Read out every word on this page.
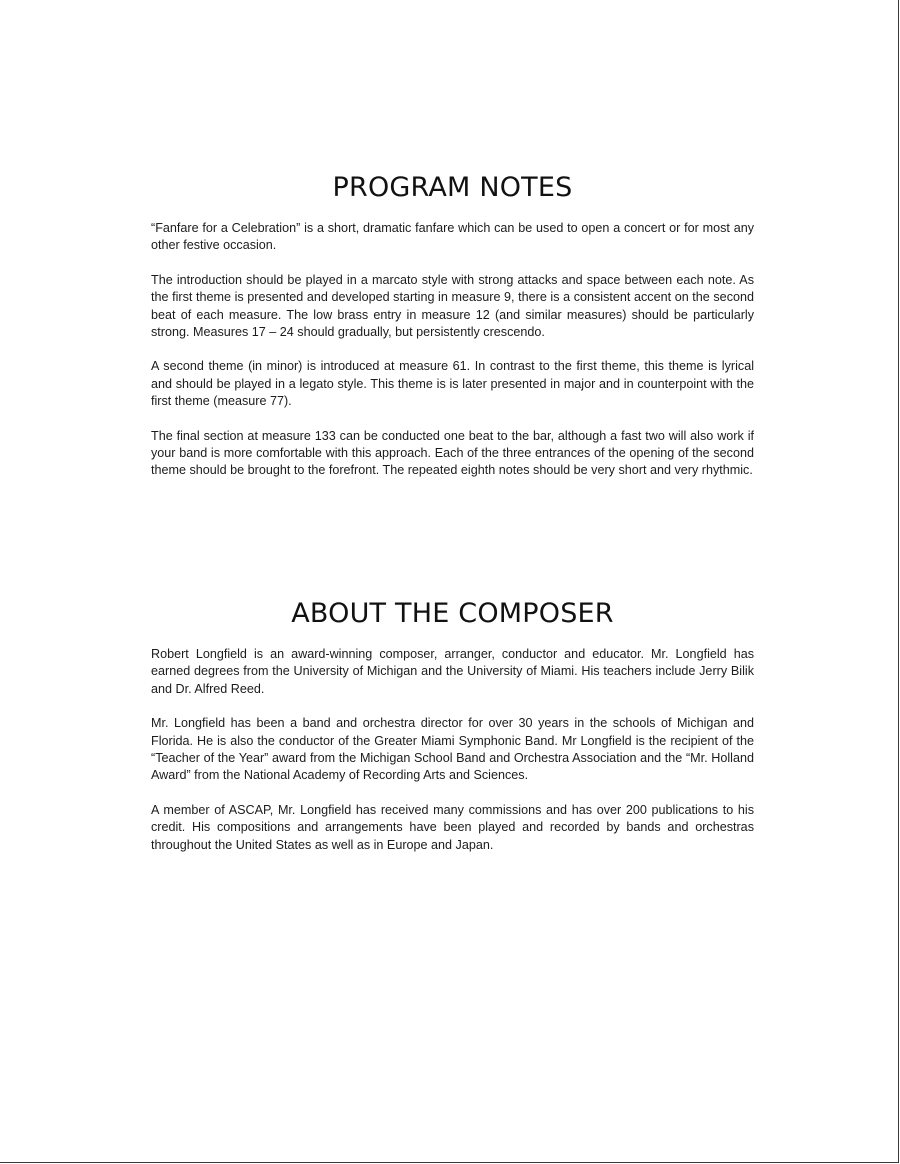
PROGRAM NOTES

“Fanfare for a Celebration” is a short, dramatic fanfare which can be used to open a concert or for most any other festive occasion.

The introduction should be played in a marcato style with strong attacks and space between each note. As the first theme is presented and developed starting in measure 9, there is a consistent accent on the second beat of each measure. The low brass entry in measure 12 (and similar measures) should be particularly strong. Measures 17 – 24 should gradually, but persistently crescendo.

A second theme (in minor) is introduced at measure 61. In contrast to the first theme, this theme is lyrical and should be played in a legato style. This theme is is later presented in major and in counterpoint with the first theme (measure 77).

The final section at measure 133 can be conducted one beat to the bar, although a fast two will also work if your band is more comfortable with this approach. Each of the three entrances of the opening of the second theme should be brought to the forefront. The repeated eighth notes should be very short and very rhythmic.

ABOUT THE COMPOSER

Robert Longfield is an award-winning composer, arranger, conductor and educator. Mr. Longfield has earned degrees from the University of Michigan and the University of Miami. His teachers include Jerry Bilik and Dr. Alfred Reed.

Mr. Longfield has been a band and orchestra director for over 30 years in the schools of Michigan and Florida. He is also the conductor of the Greater Miami Symphonic Band. Mr Longfield is the recipient of the “Teacher of the Year” award from the Michigan School Band and Orchestra Association and the “Mr. Holland Award” from the National Academy of Recording Arts and Sciences.

A member of ASCAP, Mr. Longfield has received many commissions and has over 200 publications to his credit. His compositions and arrangements have been played and recorded by bands and orchestras throughout the United States as well as in Europe and Japan.
